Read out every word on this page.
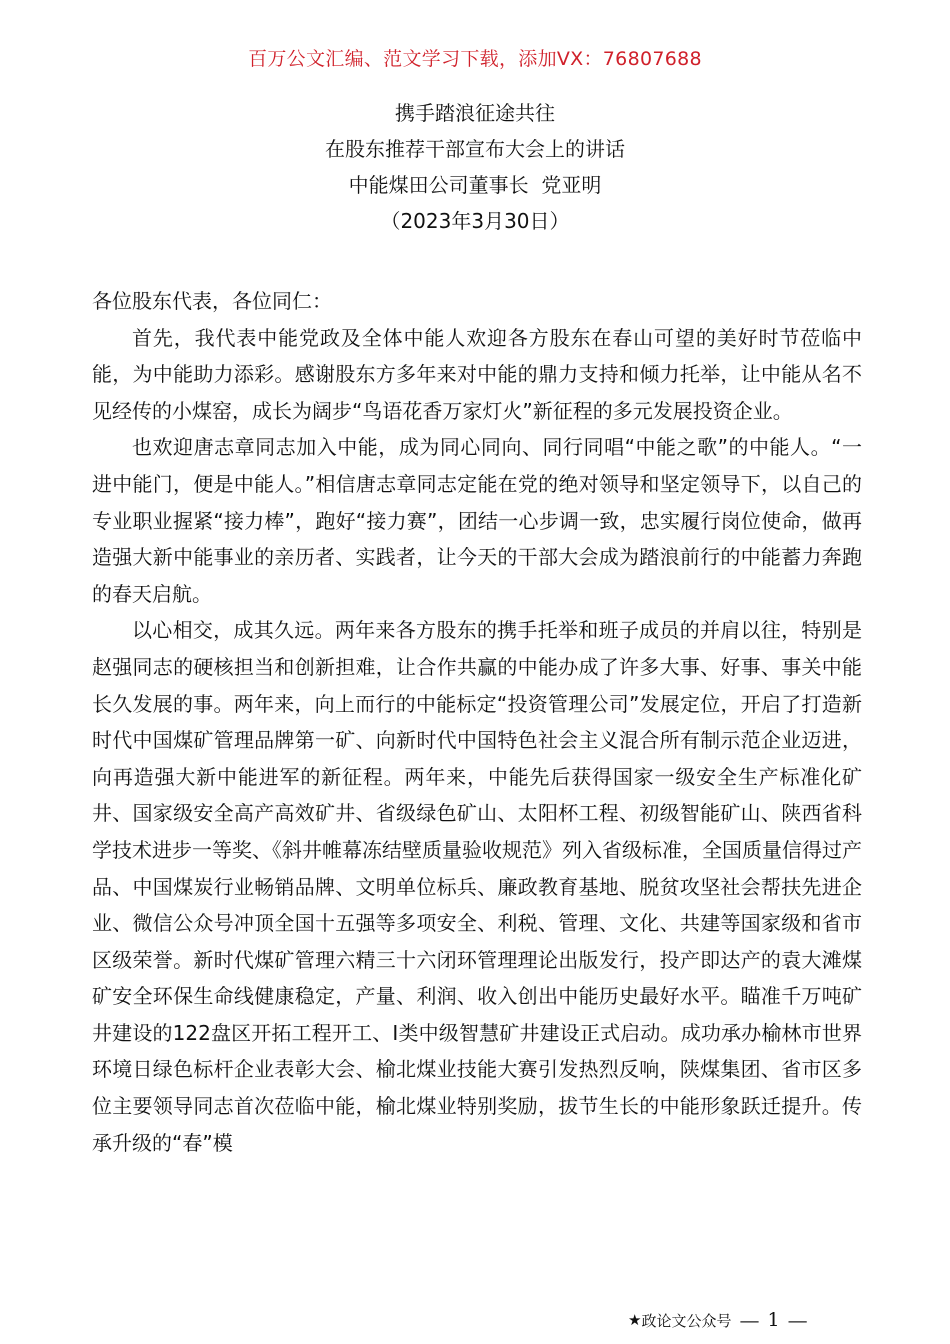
百万公文汇编、范文学习下载，添加VX：76807688
携手踏浪征途共往
在股东推荐干部宣布大会上的讲话
中能煤田公司董事长  党亚明
（2023年3月30日）

各位股东代表，各位同仁：

首先，我代表中能党政及全体中能人欢迎各方股东在春山可望的美好时节莅临中能，为中能助力添彩。感谢股东方多年来对中能的鼎力支持和倾力托举，让中能从名不见经传的小煤窑，成长为阔步“鸟语花香万家灯火”新征程的多元发展投资企业。

也欢迎唐志章同志加入中能，成为同心同向、同行同唱“中能之歌”的中能人。“一进中能门，便是中能人。”相信唐志章同志定能在党的绝对领导和坚定领导下，以自己的专业职业握紧“接力棒”，跑好“接力赛”，团结一心步调一致，忠实履行岗位使命，做再造强大新中能事业的亲历者、实践者，让今天的干部大会成为踏浪前行的中能蓄力奔跑的春天启航。

以心相交，成其久远。两年来各方股东的携手托举和班子成员的并肩以往，特别是赵强同志的硬核担当和创新担难，让合作共赢的中能办成了许多大事、好事、事关中能长久发展的事。两年来，向上而行的中能标定“投资管理公司”发展定位，开启了打造新时代中国煤矿管理品牌第一矿、向新时代中国特色社会主义混合所有制示范企业迈进，向再造强大新中能进军的新征程。两年来，中能先后获得国家一级安全生产标准化矿井、国家级安全高产高效矿井、省级绿色矿山、太阳杯工程、初级智能矿山、陕西省科学技术进步一等奖、《斜井帷幕冻结壁质量验收规范》列入省级标准，全国质量信得过产品、中国煤炭行业畅销品牌、文明单位标兵、廉政教育基地、脱贫攻坚社会帮扶先进企业、微信公众号冲顶全国十五强等多项安全、利税、管理、文化、共建等国家级和省市区级荣誉。新时代煤矿管理六精三十六闭环管理理论出版发行，投产即达产的袁大滩煤矿安全环保生命线健康稳定，产量、利润、收入创出中能历史最好水平。瞄准千万吨矿井建设的122盘区开拓工程开工、I类中级智慧矿井建设正式启动。成功承办榆林市世界环境日绿色标杆企业表彰大会、榆北煤业技能大赛引发热烈反响，陕煤集团、省市区多位主要领导同志首次莅临中能，榆北煤业特别奖励，拔节生长的中能形象跃迁提升。传承升级的“春”模

★ 政论文公众号 — 1 —
